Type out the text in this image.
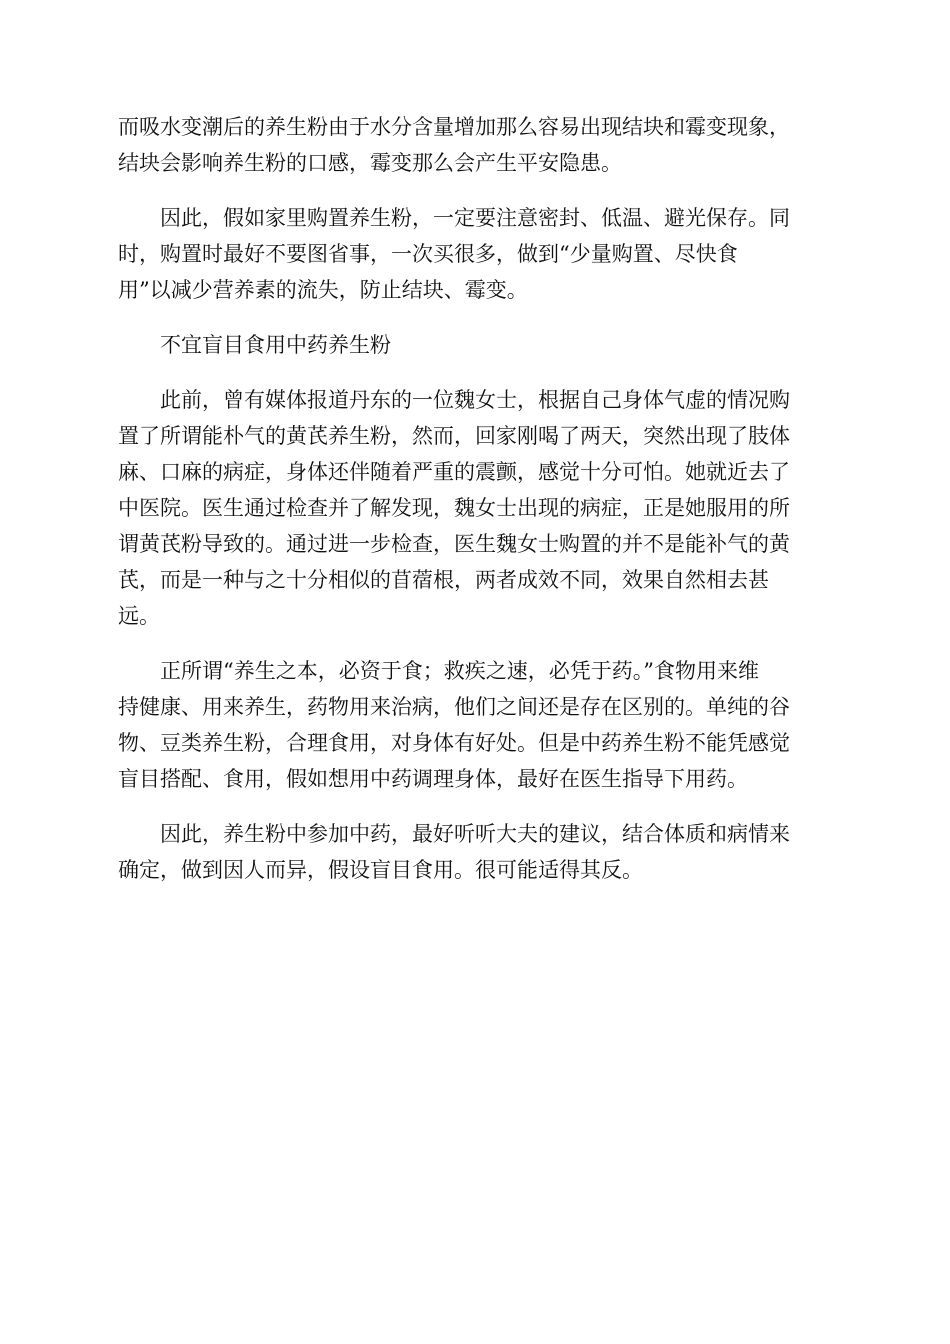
而吸水变潮后的养生粉由于水分含量增加那么容易出现结块和霉变现象，
结块会影响养生粉的口感，霉变那么会产生平安隐患。

　　因此，假如家里购置养生粉，一定要注意密封、低温、避光保存。同
时，购置时最好不要图省事，一次买很多，做到“少量购置、尽快食
用”以减少营养素的流失，防止结块、霉变。

　　不宜盲目食用中药养生粉

　　此前，曾有媒体报道丹东的一位魏女士，根据自己身体气虚的情况购
置了所谓能朴气的黄芪养生粉，然而，回家刚喝了两天，突然出现了肢体
麻、口麻的病症，身体还伴随着严重的震颤，感觉十分可怕。她就近去了
中医院。医生通过检查并了解发现，魏女士出现的病症，正是她服用的所
谓黄芪粉导致的。通过进一步检查，医生魏女士购置的并不是能补气的黄
芪，而是一种与之十分相似的苜蓿根，两者成效不同，效果自然相去甚
远。

　　正所谓“养生之本，必资于食；救疾之速，必凭于药。”食物用来维
持健康、用来养生，药物用来治病，他们之间还是存在区别的。单纯的谷
物、豆类养生粉，合理食用，对身体有好处。但是中药养生粉不能凭感觉
盲目搭配、食用，假如想用中药调理身体，最好在医生指导下用药。

　　因此，养生粉中参加中药，最好听听大夫的建议，结合体质和病情来
确定，做到因人而异，假设盲目食用。很可能适得其反。
